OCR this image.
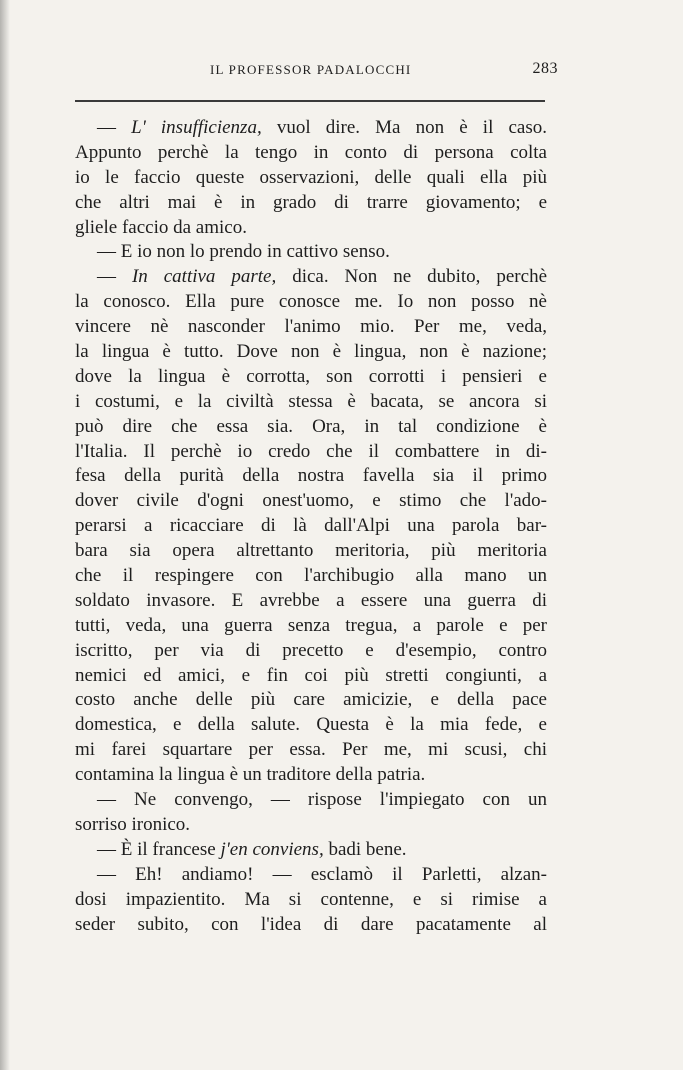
IL PROFESSOR PADALOCCHI	283
— L' insufficienza, vuol dire. Ma non è il caso.
Appunto perchè la tengo in conto di persona colta
io le faccio queste osservazioni, delle quali ella più
che altri mai è in grado di trarre giovamento; e
gliele faccio da amico.
— E io non lo prendo in cattivo senso.
— In cattiva parte, dica. Non ne dubito, perchè
la conosco. Ella pure conosce me. Io non posso nè
vincere nè nasconder l'animo mio. Per me, veda,
la lingua è tutto. Dove non è lingua, non è nazione;
dove la lingua è corrotta, son corrotti i pensieri e
i costumi, e la civiltà stessa è bacata, se ancora si
può dire che essa sia. Ora, in tal condizione è
l'Italia. Il perchè io credo che il combattere in di-
fesa della purità della nostra favella sia il primo
dover civile d'ogni onest'uomo, e stimo che l'ado-
perarsi a ricacciare di là dall'Alpi una parola bar-
bara sia opera altrettanto meritoria, più meritoria
che il respingere con l'archibugio alla mano un
soldato invasore. E avrebbe a essere una guerra di
tutti, veda, una guerra senza tregua, a parole e per
iscritto, per via di precetto e d'esempio, contro
nemici ed amici, e fin coi più stretti congiunti, a
costo anche delle più care amicizie, e della pace
domestica, e della salute. Questa è la mia fede, e
mi farei squartare per essa. Per me, mi scusi, chi
contamina la lingua è un traditore della patria.
— Ne convengo, — rispose l'impiegato con un
sorriso ironico.
— È il francese j'en conviens, badi bene.
— Eh! andiamo! — esclamò il Parletti, alzan-
dosi impazientito. Ma si contenne, e si rimise a
seder subito, con l'idea di dare pacatamente al
